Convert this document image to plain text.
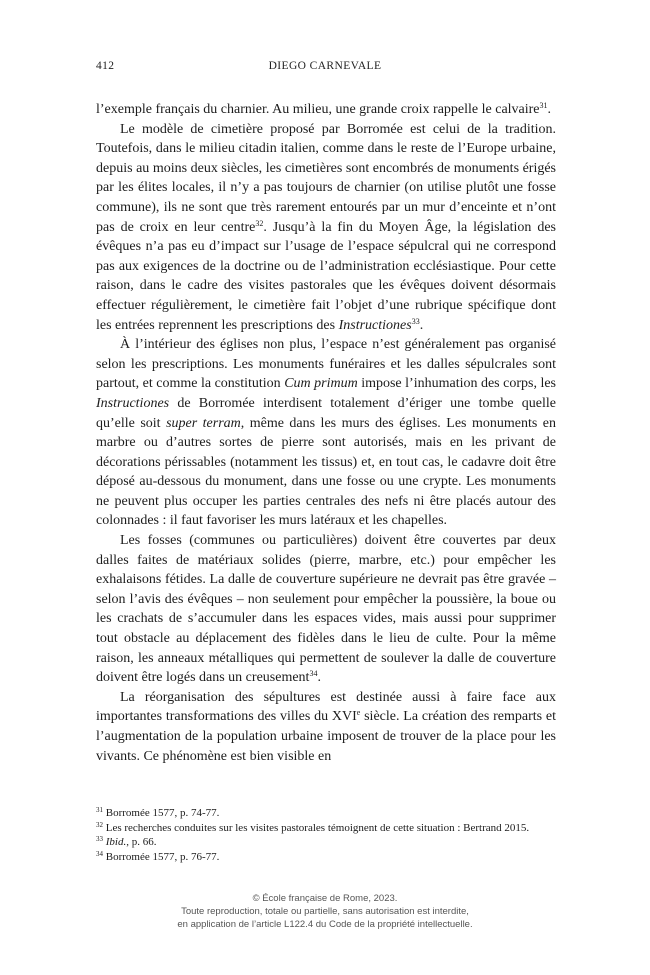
412	DIEGO CARNEVALE

l’exemple français du charnier. Au milieu, une grande croix rappelle le calvaire$^{31}$.

Le modèle de cimetière proposé par Borromée est celui de la tradition. Toutefois, dans le milieu citadin italien, comme dans le reste de l’Europe urbaine, depuis au moins deux siècles, les cimetières sont encombrés de monuments érigés par les élites locales, il n’y a pas toujours de charnier (on utilise plutôt une fosse commune), ils ne sont que très rarement entourés par un mur d’enceinte et n’ont pas de croix en leur centre$^{32}$. Jusqu’à la fin du Moyen Âge, la législation des évêques n’a pas eu d’impact sur l’usage de l’espace sépulcral qui ne correspond pas aux exigences de la doctrine ou de l’administration ecclésiastique. Pour cette raison, dans le cadre des visites pastorales que les évêques doivent désormais effectuer régulièrement, le cimetière fait l’objet d’une rubrique spécifique dont les entrées reprennent les prescriptions des Instructiones$^{33}$.

À l’intérieur des églises non plus, l’espace n’est généralement pas organisé selon les prescriptions. Les monuments funéraires et les dalles sépulcrales sont partout, et comme la constitution Cum primum impose l’inhumation des corps, les Instructiones de Borromée interdisent totalement d’ériger une tombe quelle qu’elle soit super terram, même dans les murs des églises. Les monuments en marbre ou d’autres sortes de pierre sont autorisés, mais en les privant de décorations périssables (notamment les tissus) et, en tout cas, le cadavre doit être déposé au-dessous du monument, dans une fosse ou une crypte. Les monuments ne peuvent plus occuper les parties centrales des nefs ni être placés autour des colonnades : il faut favoriser les murs latéraux et les chapelles.

Les fosses (communes ou particulières) doivent être couvertes par deux dalles faites de matériaux solides (pierre, marbre, etc.) pour empêcher les exhalaisons fétides. La dalle de couverture supérieure ne devrait pas être gravée – selon l’avis des évêques – non seulement pour empêcher la poussière, la boue ou les crachats de s’accumuler dans les espaces vides, mais aussi pour supprimer tout obstacle au déplacement des fidèles dans le lieu de culte. Pour la même raison, les anneaux métalliques qui permettent de soulever la dalle de couverture doivent être logés dans un creusement$^{34}$.

La réorganisation des sépultures est destinée aussi à faire face aux importantes transformations des villes du XVIe siècle. La création des remparts et l’augmentation de la population urbaine imposent de trouver de la place pour les vivants. Ce phénomène est bien visible en

$^{31}$ Borromée 1577, p. 74-77.

$^{32}$ Les recherches conduites sur les visites pastorales témoignent de cette situation : Bertrand 2015.

$^{33}$ Ibid., p. 66.

$^{34}$ Borromée 1577, p. 76-77.

© École française de Rome, 2023.
Toute reproduction, totale ou partielle, sans autorisation est interdite,
en application de l’article L122.4 du Code de la propriété intellectuelle.
